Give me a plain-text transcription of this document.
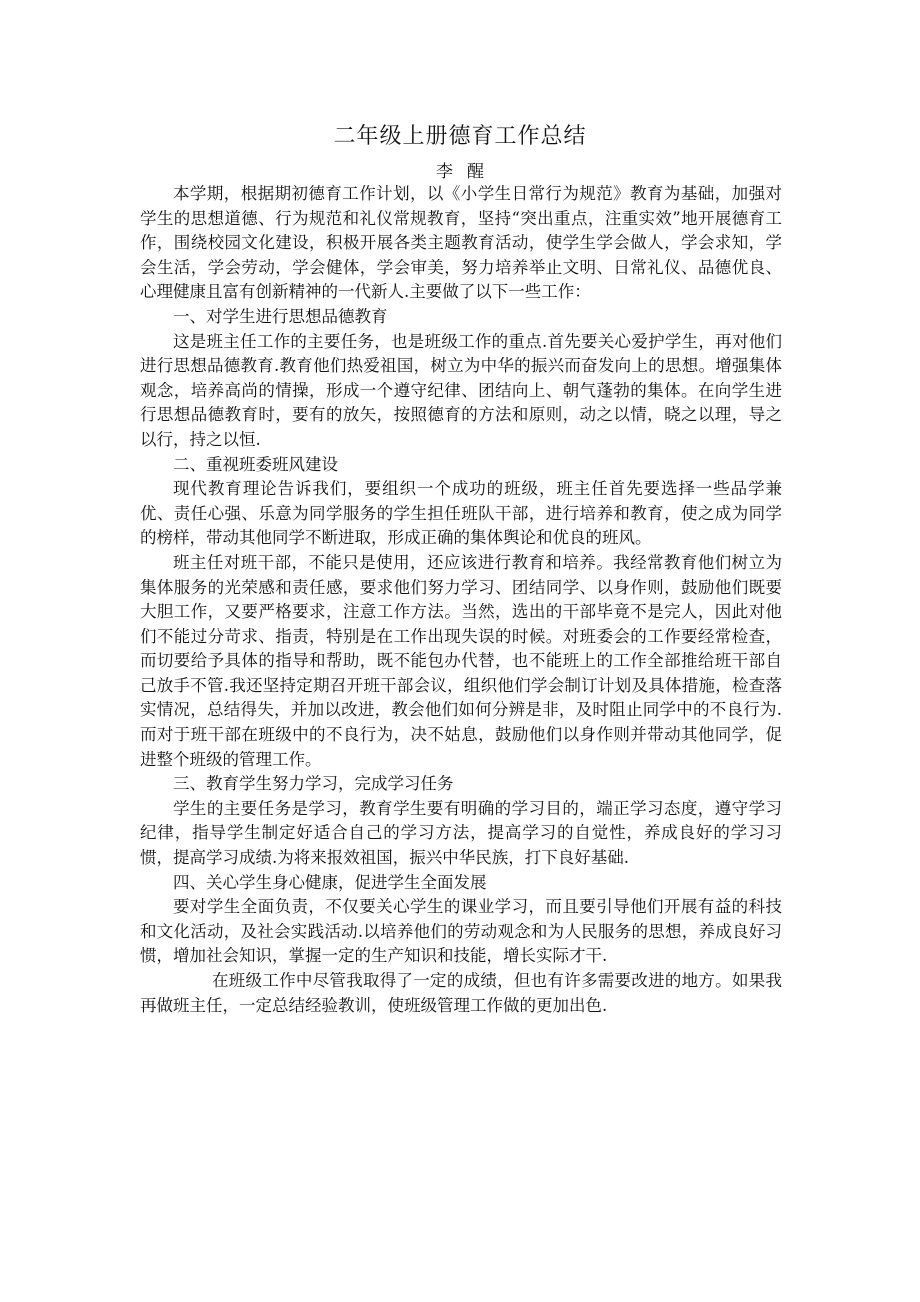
二年级上册德育工作总结
李醒

本学期，根据期初德育工作计划，以《小学生日常行为规范》教育为基础，加强对学生的思想道德、行为规范和礼仪常规教育，坚持“突出重点，注重实效”地开展德育工作，围绕校园文化建设，积极开展各类主题教育活动，使学生学会做人，学会求知，学会生活，学会劳动，学会健体，学会审美，努力培养举止文明、日常礼仪、品德优良、心理健康且富有创新精神的一代新人.主要做了以下一些工作：

一、对学生进行思想品德教育

这是班主任工作的主要任务，也是班级工作的重点.首先要关心爱护学生，再对他们进行思想品德教育.教育他们热爱祖国，树立为中华的振兴而奋发向上的思想。增强集体观念，培养高尚的情操，形成一个遵守纪律、团结向上、朝气蓬勃的集体。在向学生进行思想品德教育时，要有的放矢，按照德育的方法和原则，动之以情，晓之以理，导之以行，持之以恒.

二、重视班委班风建设

现代教育理论告诉我们，要组织一个成功的班级，班主任首先要选择一些品学兼优、责任心强、乐意为同学服务的学生担任班队干部，进行培养和教育，使之成为同学的榜样，带动其他同学不断进取，形成正确的集体舆论和优良的班风。

班主任对班干部，不能只是使用，还应该进行教育和培养。我经常教育他们树立为集体服务的光荣感和责任感，要求他们努力学习、团结同学、以身作则，鼓励他们既要大胆工作，又要严格要求，注意工作方法。当然，选出的干部毕竟不是完人，因此对他们不能过分苛求、指责，特别是在工作出现失误的时候。对班委会的工作要经常检查，而切要给予具体的指导和帮助，既不能包办代替，也不能班上的工作全部推给班干部自己放手不管.我还坚持定期召开班干部会议，组织他们学会制订计划及具体措施，检查落实情况，总结得失，并加以改进，教会他们如何分辨是非，及时阻止同学中的不良行为.而对于班干部在班级中的不良行为，决不姑息，鼓励他们以身作则并带动其他同学，促进整个班级的管理工作。

三、教育学生努力学习，完成学习任务

学生的主要任务是学习，教育学生要有明确的学习目的，端正学习态度，遵守学习纪律，指导学生制定好适合自己的学习方法，提高学习的自觉性，养成良好的学习习惯，提高学习成绩.为将来报效祖国，振兴中华民族，打下良好基础.

四、关心学生身心健康，促进学生全面发展

要对学生全面负责，不仅要关心学生的课业学习，而且要引导他们开展有益的科技和文化活动，及社会实践活动.以培养他们的劳动观念和为人民服务的思想，养成良好习惯，增加社会知识，掌握一定的生产知识和技能，增长实际才干.

在班级工作中尽管我取得了一定的成绩，但也有许多需要改进的地方。如果我再做班主任，一定总结经验教训，使班级管理工作做的更加出色.
